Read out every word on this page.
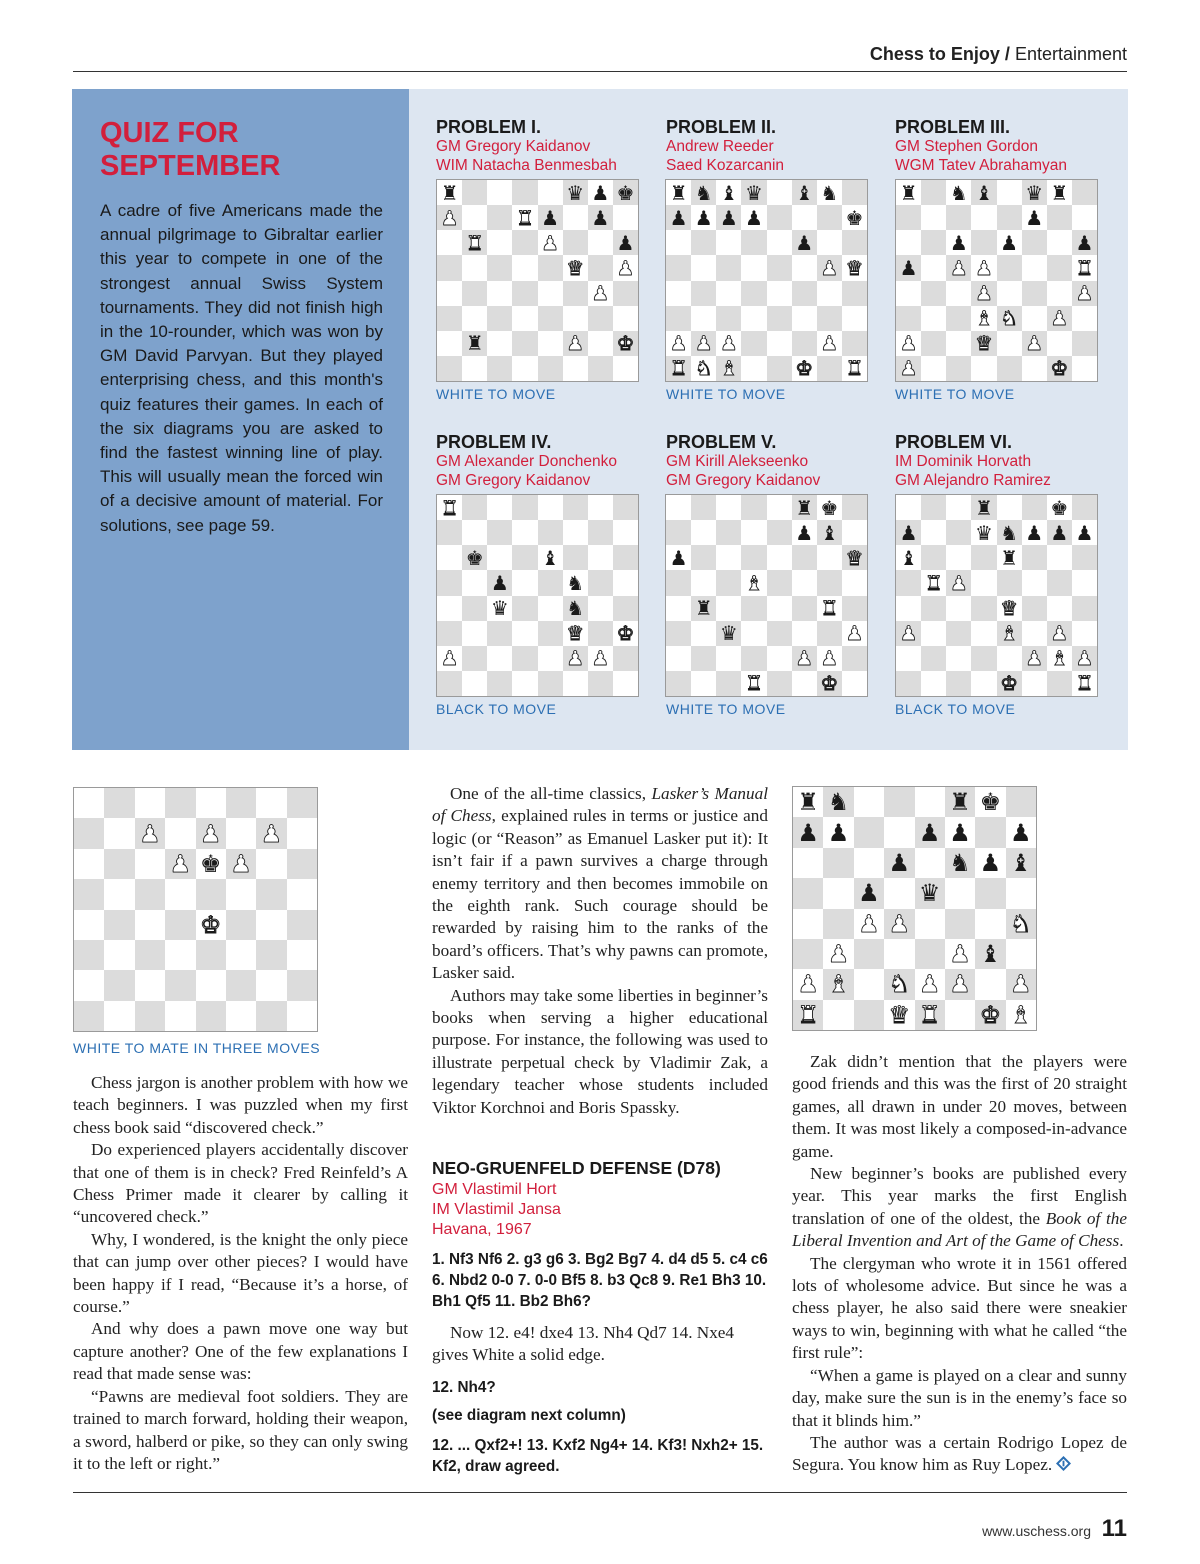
Chess to Enjoy / Entertainment
QUIZ FOR SEPTEMBER
A cadre of five Americans made the annual pilgrimage to Gibraltar earlier this year to compete in one of the strongest annual Swiss System tournaments. They did not finish high in the 10-rounder, which was won by GM David Parvyan. But they played enterprising chess, and this month's quiz features their games. In each of the six diagrams you are asked to find the fastest winning line of play. This will usually mean the forced win of a decisive amount of material. For solutions, see page 59.
PROBLEM I.
GM Gregory Kaidanov
WIM Natacha Benmesbah
WHITE TO MOVE
PROBLEM II.
Andrew Reeder
Saed Kozarcanin
WHITE TO MOVE
PROBLEM III.
GM Stephen Gordon
WGM Tatev Abrahamyan
WHITE TO MOVE
PROBLEM IV.
GM Alexander Donchenko
GM Gregory Kaidanov
BLACK TO MOVE
PROBLEM V.
GM Kirill Alekseenko
GM Gregory Kaidanov
WHITE TO MOVE
PROBLEM VI.
IM Dominik Horvath
GM Alejandro Ramirez
BLACK TO MOVE
♜	♛ ♟ ♚
♟	♜ ♟ ♟
♜	♟	♟
♛ ♟
♟
♜	♟ ♚
♜ ♞ ♝ ♛ ♝ ♞
♟ ♟ ♟ ♟	♚
♟
♟ ♛
♟ ♟ ♟	♟
♜ ♞ ♝	♚ ♜
♜ ♞ ♝ ♛ ♜
♟
♟ ♟	♟
♟ ♟ ♟	♜
♟	♟
♝ ♞ ♟
♟	♛ ♟
♟	♚
♜
♚	♝
♟	♞
♛	♞
♛ ♚
♟	♟ ♟
♜ ♚
♟ ♝
♟	♛
♝
♜	♜
♛	♟
♟ ♟
♜	♚
♜	♚
♟	♛ ♞ ♟ ♟ ♟
♝	♜
♜ ♟
♛
♟	♝ ♟
♟ ♝ ♟
♚	♜
♟ ♟ ♟
♟ ♚ ♟
♚
WHITE TO MATE IN THREE MOVES

Chess jargon is another problem with how we teach beginners. I was puzzled when my first chess book said “discovered check.”

Do experienced players accidentally discover that one of them is in check? Fred Reinfeld’s A Chess Primer made it clearer by calling it “uncovered check.”

Why, I wondered, is the knight the only piece that can jump over other pieces? I would have been happy if I read, “Because it’s a horse, of course.”

And why does a pawn move one way but capture another? One of the few explanations I read that made sense was:

“Pawns are medieval foot soldiers. They are trained to march forward, holding their weapon, a sword, halberd or pike, so they can only swing it to the left or right.”

One of the all-time classics, Lasker’s Manual of Chess, explained rules in terms or justice and logic (or “Reason” as Emanuel Lasker put it): It isn’t fair if a pawn survives a charge through enemy territory and then becomes immobile on the eighth rank. Such courage should be rewarded by raising him to the ranks of the board’s officers. That’s why pawns can promote, Lasker said.

Authors may take some liberties in beginner’s books when serving a higher educational purpose. For instance, the following was used to illustrate perpetual check by Vladimir Zak, a legendary teacher whose students included Viktor Korchnoi and Boris Spassky.

NEO-GRUENFELD DEFENSE (D78)
GM Vlastimil Hort
IM Vlastimil Jansa
Havana, 1967
1. Nf3 Nf6 2. g3 g6 3. Bg2 Bg7 4. d4 d5 5. c4 c6 6. Nbd2 0-0 7. 0-0 Bf5 8. b3 Qc8 9. Re1 Bh3 10. Bh1 Qf5 11. Bb2 Bh6?
Now 12. e4! dxe4 13. Nh4 Qd7 14. Nxe4 gives White a solid edge.
12. Nh4?
(see diagram next column)
12. ... Qxf2+! 13. Kxf2 Ng4+ 14. Kf3! Nxh2+ 15. Kf2, draw agreed.
♜ ♞	♜ ♚
♟ ♟	♟ ♟ ♟
♟ ♞ ♟ ♝
♟ ♛
♟ ♟	♞
♟	♟ ♝
♟ ♝ ♞ ♟ ♟ ♟
♜	♛ ♜ ♚ ♝

Zak didn’t mention that the players were good friends and this was the first of 20 straight games, all drawn in under 20 moves, between them. It was most likely a composed-in-advance game.

New beginner’s books are published every year. This year marks the first English translation of one of the oldest, the Book of the Liberal Invention and Art of the Game of Chess.

The clergyman who wrote it in 1561 offered lots of wholesome advice. But since he was a chess player, he also said there were sneakier ways to win, beginning with what he called “the first rule”:

“When a game is played on a clear and sunny day, make sure the sun is in the enemy’s face so that it blinds him.”

The author was a certain Rodrigo Lopez de Segura. You know him as Ruy Lopez.

www.uschess.org 11
